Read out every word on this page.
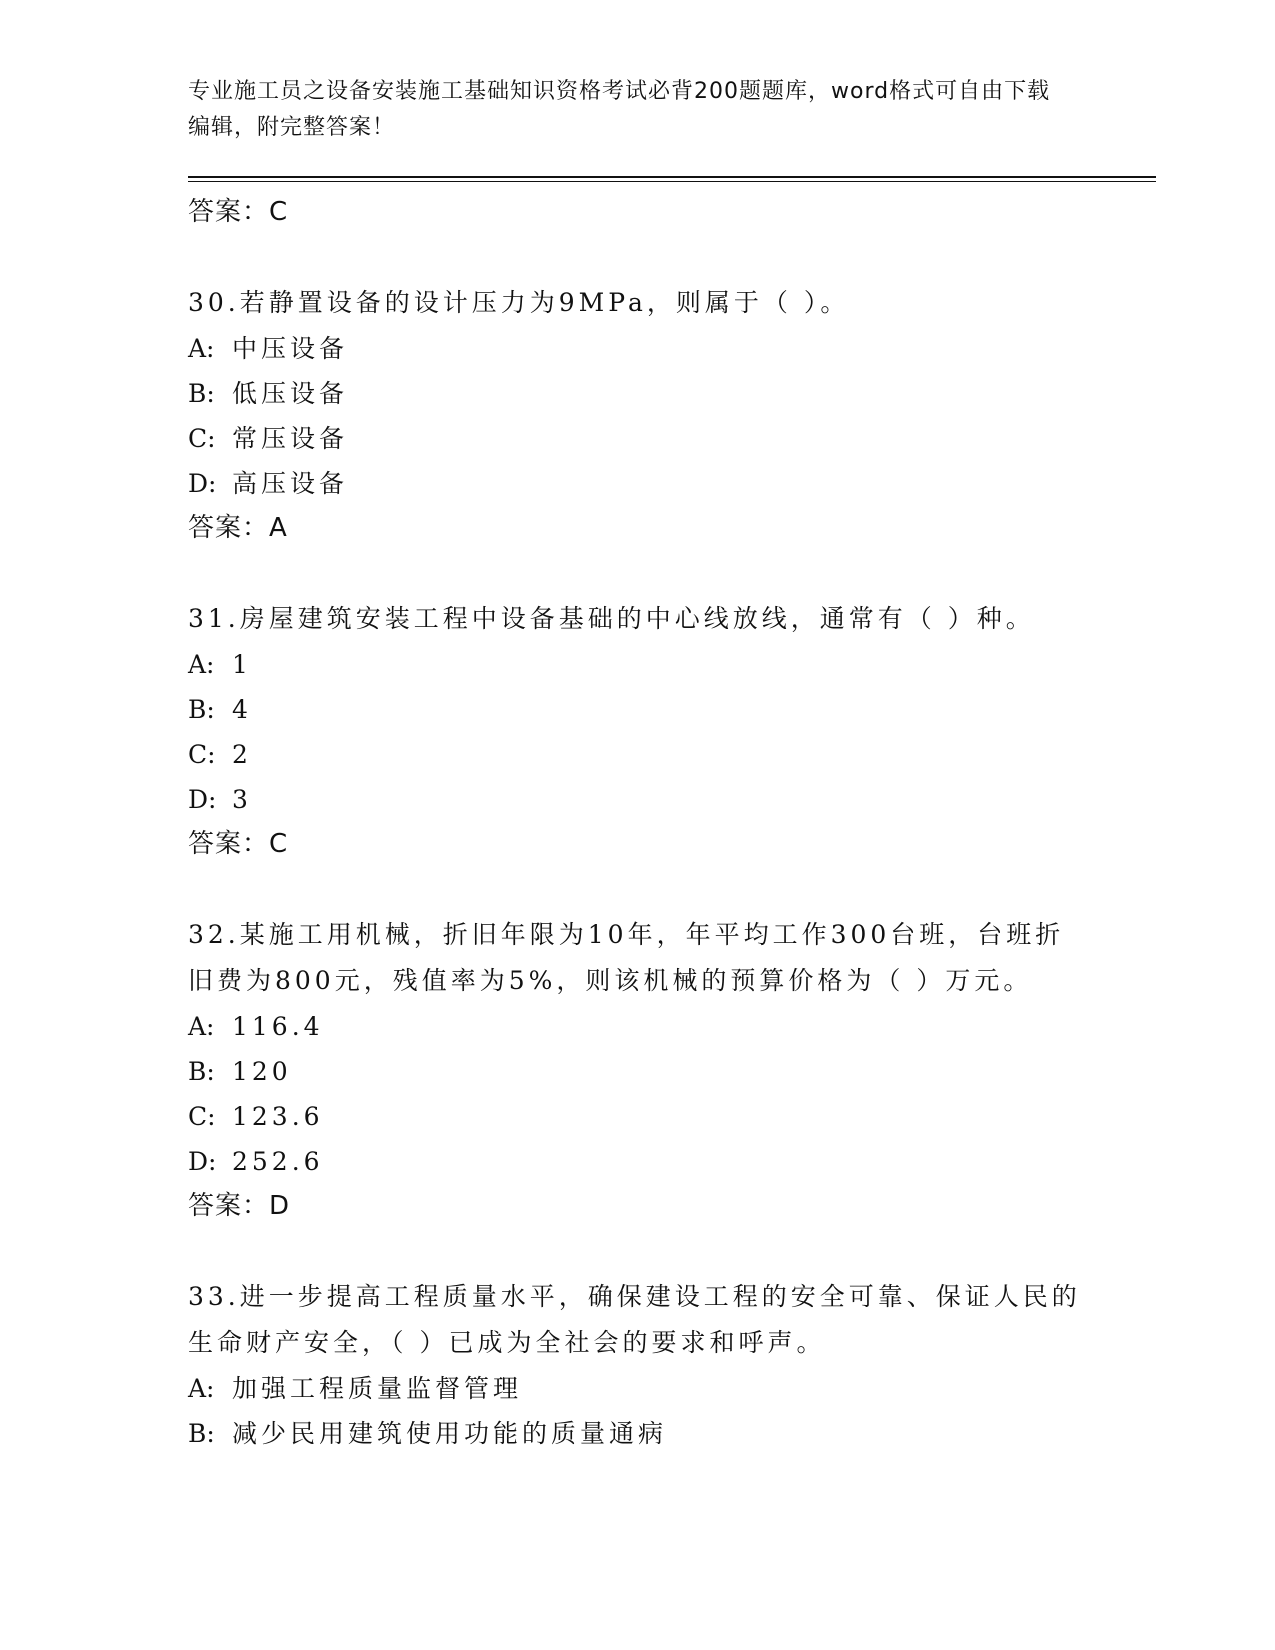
专业施工员之设备安装施工基础知识资格考试必背200题题库，word格式可自由下载编辑，附完整答案！
答案：C
30.若静置设备的设计压力为9MPa，则属于（ ）。
A: 中压设备
B: 低压设备
C: 常压设备
D: 高压设备
答案：A
31.房屋建筑安装工程中设备基础的中心线放线，通常有（ ）种。
A: 1
B: 4
C: 2
D: 3
答案：C
32.某施工用机械，折旧年限为10年，年平均工作300台班，台班折旧费为800元，残值率为5%，则该机械的预算价格为（ ）万元。
A: 116.4
B: 120
C: 123.6
D: 252.6
答案：D
33.进一步提高工程质量水平，确保建设工程的安全可靠、保证人民的生命财产安全，（ ）已成为全社会的要求和呼声。
A: 加强工程质量监督管理
B: 减少民用建筑使用功能的质量通病
